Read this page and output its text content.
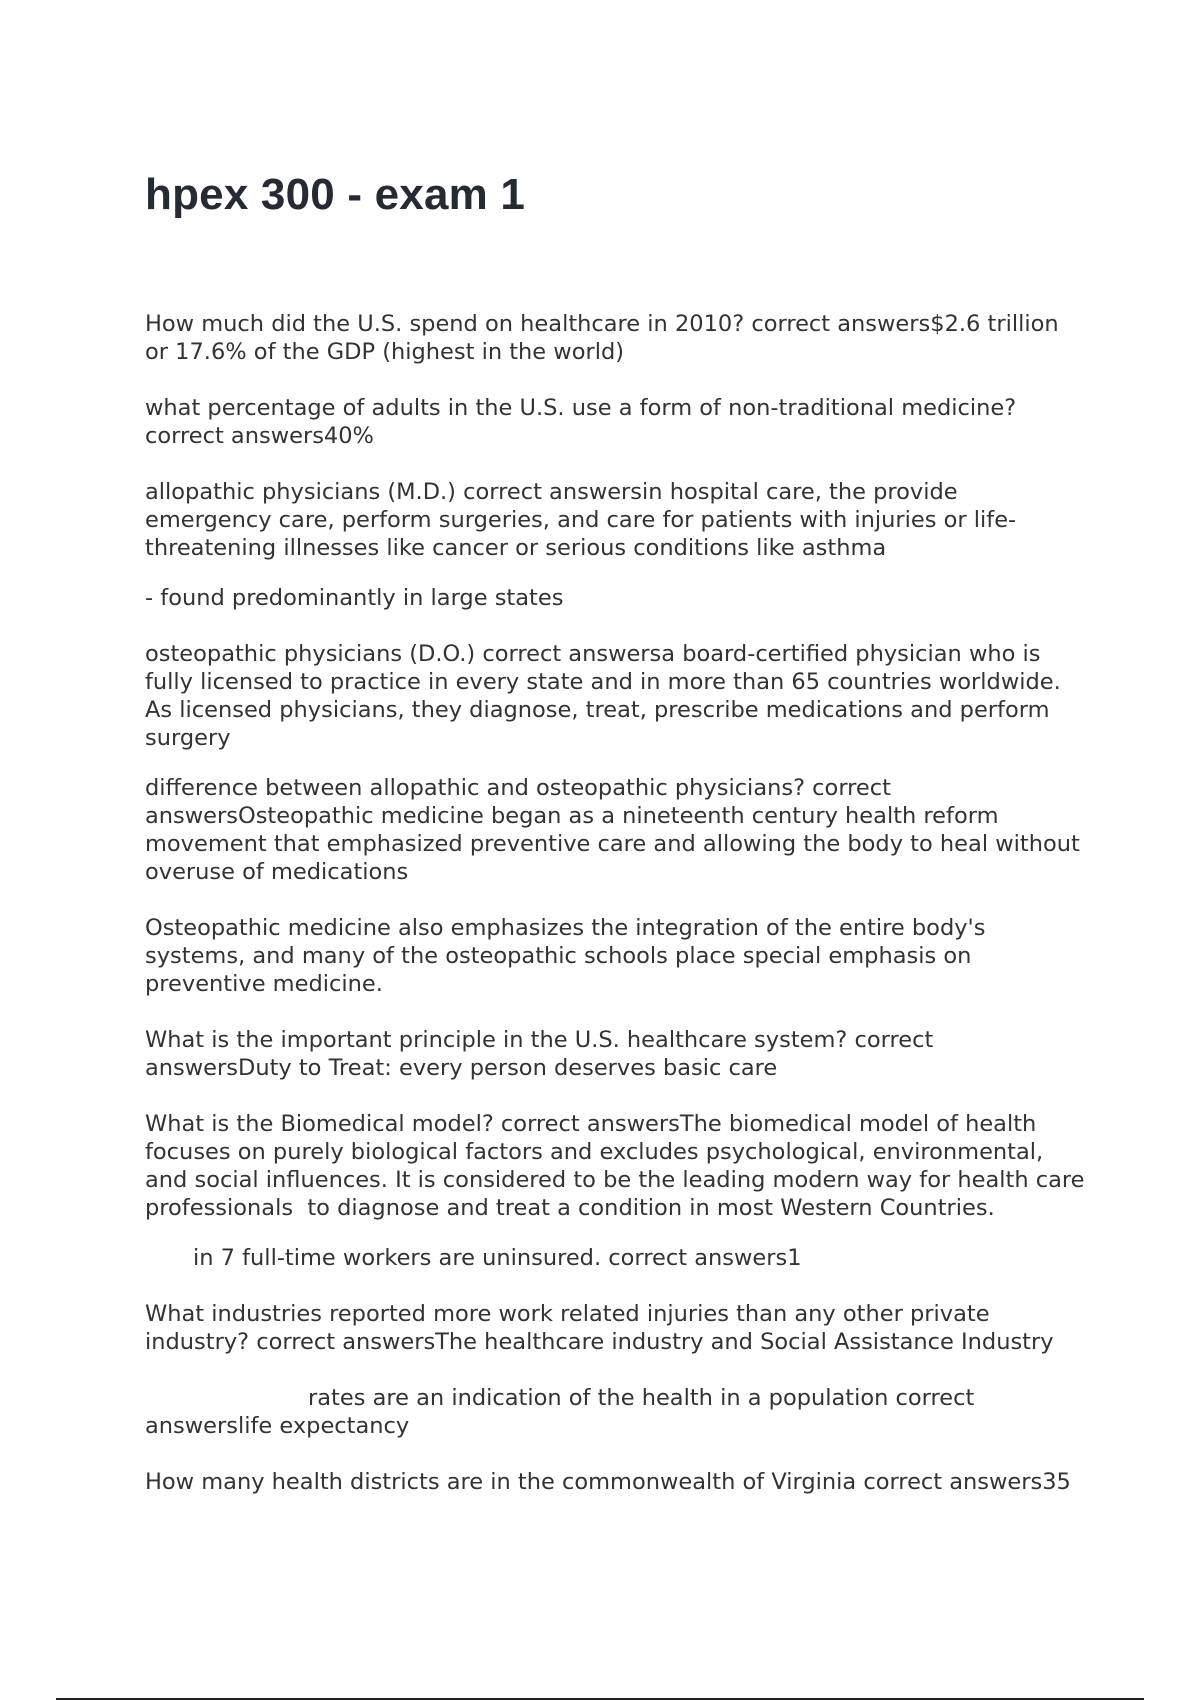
hpex 300 - exam 1

How much did the U.S. spend on healthcare in 2010? correct answers$2.6 trillion or 17.6% of the GDP (highest in the world)

what percentage of adults in the U.S. use a form of non-traditional medicine? correct answers40%

allopathic physicians (M.D.) correct answersin hospital care, the provide emergency care, perform surgeries, and care for patients with injuries or life-threatening illnesses like cancer or serious conditions like asthma

- found predominantly in large states

osteopathic physicians (D.O.) correct answersa board-certified physician who is fully licensed to practice in every state and in more than 65 countries worldwide. As licensed physicians, they diagnose, treat, prescribe medications and perform surgery

difference between allopathic and osteopathic physicians? correct answersOsteopathic medicine began as a nineteenth century health reform movement that emphasized preventive care and allowing the body to heal without overuse of medications

Osteopathic medicine also emphasizes the integration of the entire body's systems, and many of the osteopathic schools place special emphasis on preventive medicine.

What is the important principle in the U.S. healthcare system? correct answersDuty to Treat: every person deserves basic care

What is the Biomedical model? correct answersThe biomedical model of health focuses on purely biological factors and excludes psychological, environmental, and social influences. It is considered to be the leading modern way for health care professionals  to diagnose and treat a condition in most Western Countries.

in 7 full-time workers are uninsured. correct answers1

What industries reported more work related injuries than any other private industry? correct answersThe healthcare industry and Social Assistance Industry

rates are an indication of the health in a population correct answerslife expectancy

How many health districts are in the commonwealth of Virginia correct answers35
